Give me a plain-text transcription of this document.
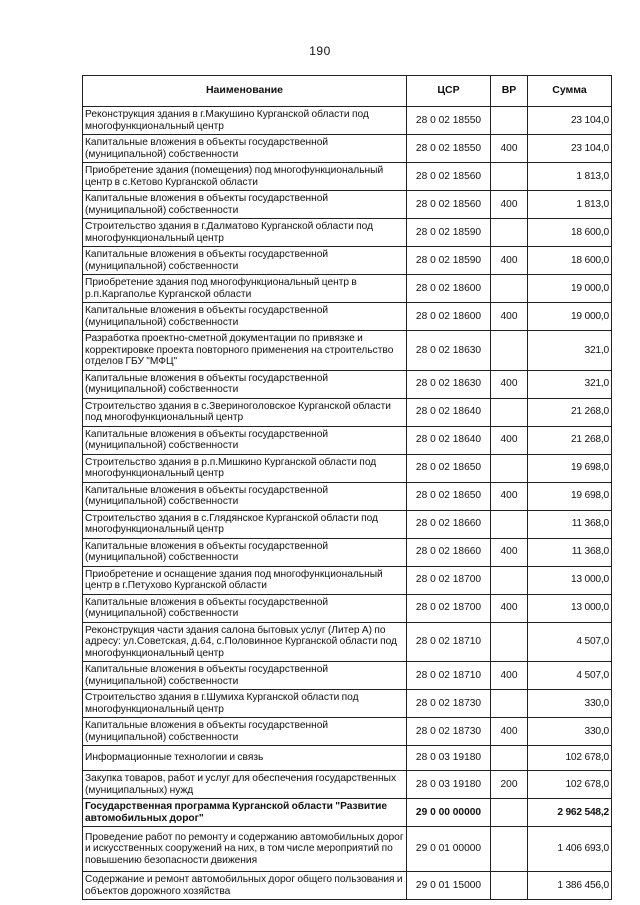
190
Наименование	ЦСР	ВР	Сумма
Реконструкция здания в г.Макушино Курганской области под многофункциональный центр	28 0 02 18550		23 104,0
Капитальные вложения в объекты государственной (муниципальной) собственности	28 0 02 18550	400	23 104,0
Приобретение здания (помещения) под многофункциональный центр в с.Кетово Курганской области	28 0 02 18560		1 813,0
Капитальные вложения в объекты государственной (муниципальной) собственности	28 0 02 18560	400	1 813,0
Строительство здания в г.Далматово Курганской области под многофункциональный центр	28 0 02 18590		18 600,0
Капитальные вложения в объекты государственной (муниципальной) собственности	28 0 02 18590	400	18 600,0
Приобретение здания под многофункциональный центр в р.п.Каргаполье Курганской области	28 0 02 18600		19 000,0
Капитальные вложения в объекты государственной (муниципальной) собственности	28 0 02 18600	400	19 000,0
Разработка проектно-сметной документации по привязке и корректировке проекта повторного применения на строительство отделов ГБУ "МФЦ"	28 0 02 18630		321,0
Капитальные вложения в объекты государственной (муниципальной) собственности	28 0 02 18630	400	321,0
Строительство здания в с.Звериноголовское Курганской области под многофункциональный центр	28 0 02 18640		21 268,0
Капитальные вложения в объекты государственной (муниципальной) собственности	28 0 02 18640	400	21 268,0
Строительство здания в р.п.Мишкино Курганской области под многофункциональный центр	28 0 02 18650		19 698,0
Капитальные вложения в объекты государственной (муниципальной) собственности	28 0 02 18650	400	19 698,0
Строительство здания в с.Глядянское Курганской области под многофункциональный центр	28 0 02 18660		11 368,0
Капитальные вложения в объекты государственной (муниципальной) собственности	28 0 02 18660	400	11 368,0
Приобретение и оснащение здания под многофункциональный центр в г.Петухово Курганской области	28 0 02 18700		13 000,0
Капитальные вложения в объекты государственной (муниципальной) собственности	28 0 02 18700	400	13 000,0
Реконструкция части здания салона бытовых услуг (Литер А) по адресу: ул.Советская, д.64, с.Половинное Курганской области под многофункциональный центр	28 0 02 18710		4 507,0
Капитальные вложения в объекты государственной (муниципальной) собственности	28 0 02 18710	400	4 507,0
Строительство здания в г.Шумиха Курганской области под многофункциональный центр	28 0 02 18730		330,0
Капитальные вложения в объекты государственной (муниципальной) собственности	28 0 02 18730	400	330,0
Информационные технологии и связь	28 0 03 19180		102 678,0
Закупка товаров, работ и услуг для обеспечения государственных (муниципальных) нужд	28 0 03 19180	200	102 678,0
Государственная программа Курганской области "Развитие автомобильных дорог"	29 0 00 00000		2 962 548,2
Проведение работ по ремонту и содержанию автомобильных дорог и искусственных сооружений на них, в том числе мероприятий по повышению безопасности движения	29 0 01 00000		1 406 693,0
Содержание и ремонт автомобильных дорог общего пользования и объектов дорожного хозяйства	29 0 01 15000		1 386 456,0
